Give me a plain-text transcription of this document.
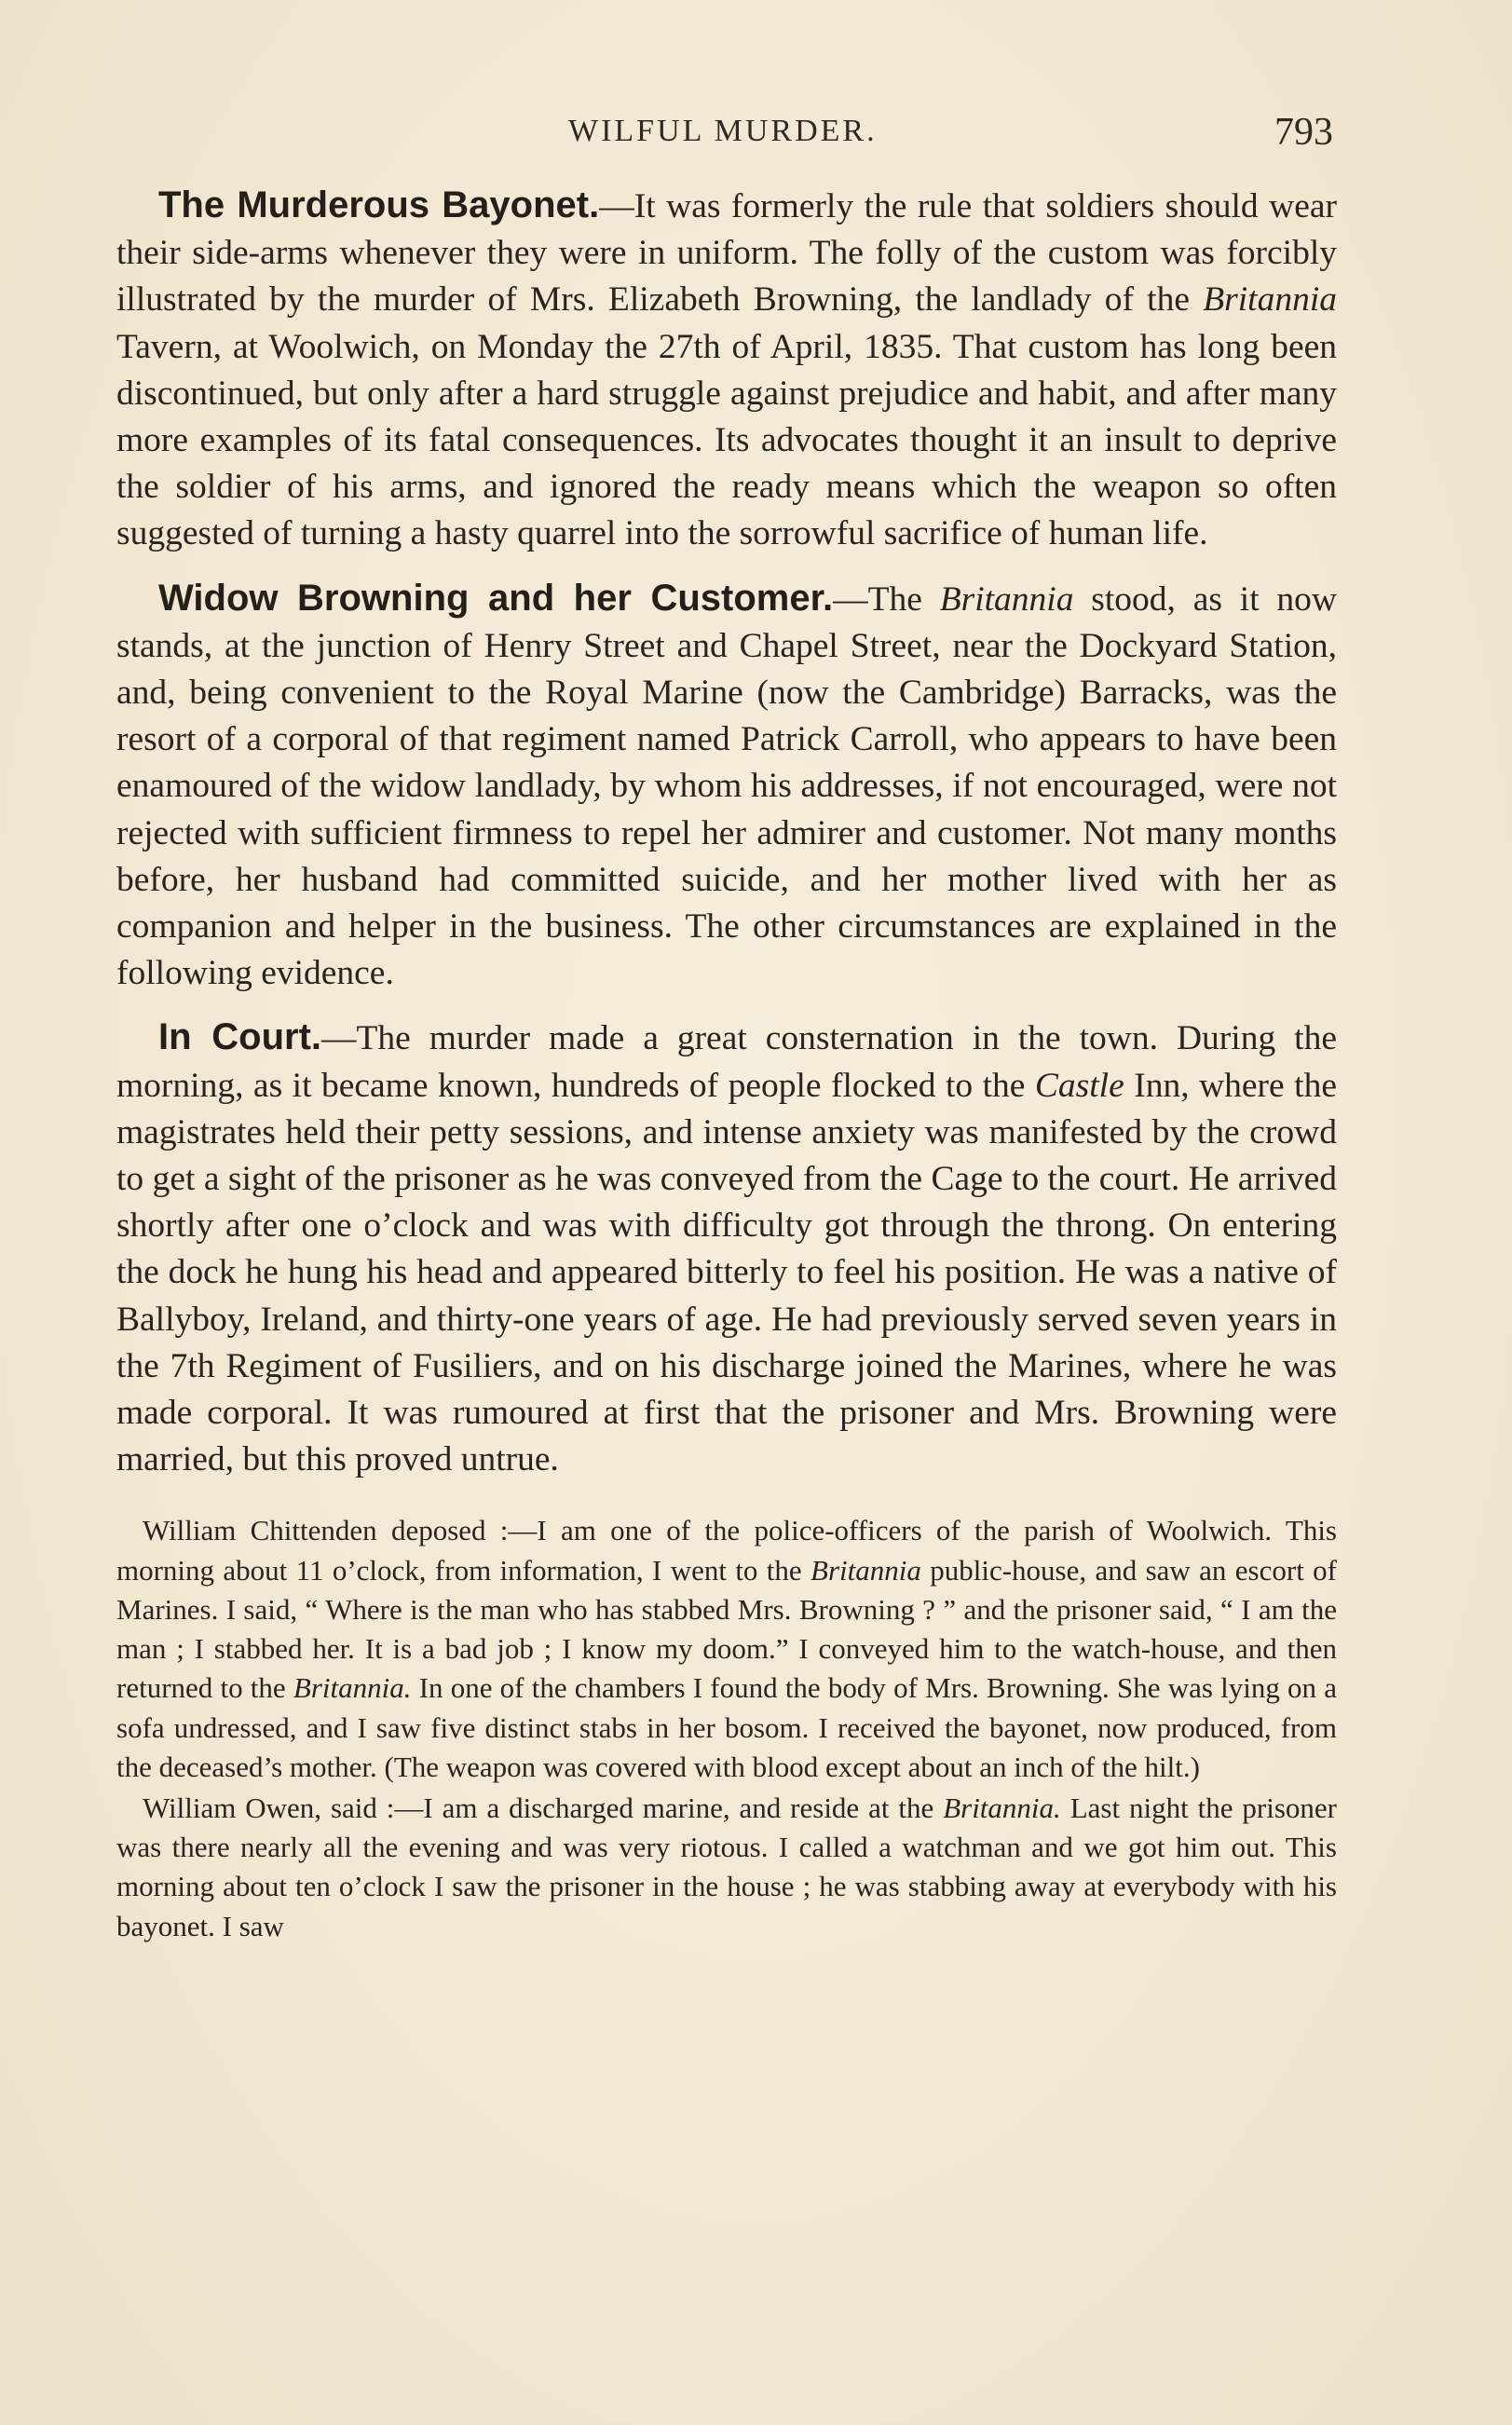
WILFUL MURDER.	793

The Murderous Bayonet.—It was formerly the rule that soldiers should wear their side-arms whenever they were in uniform. The folly of the custom was forcibly illustrated by the murder of Mrs. Elizabeth Browning, the landlady of the Britannia Tavern, at Woolwich, on Monday the 27th of April, 1835. That custom has long been discontinued, but only after a hard struggle against prejudice and habit, and after many more examples of its fatal consequences. Its advocates thought it an insult to deprive the soldier of his arms, and ignored the ready means which the weapon so often suggested of turning a hasty quarrel into the sorrowful sacrifice of human life.

Widow Browning and her Customer.—The Britannia stood, as it now stands, at the junction of Henry Street and Chapel Street, near the Dockyard Station, and, being convenient to the Royal Marine (now the Cambridge) Barracks, was the resort of a corporal of that regiment named Patrick Carroll, who appears to have been enamoured of the widow landlady, by whom his addresses, if not encouraged, were not rejected with sufficient firmness to repel her admirer and customer. Not many months before, her husband had committed suicide, and her mother lived with her as companion and helper in the business. The other circumstances are explained in the following evidence.

In Court.—The murder made a great consternation in the town. During the morning, as it became known, hundreds of people flocked to the Castle Inn, where the magistrates held their petty sessions, and intense anxiety was manifested by the crowd to get a sight of the prisoner as he was conveyed from the Cage to the court. He arrived shortly after one o’clock and was with difficulty got through the throng. On entering the dock he hung his head and appeared bitterly to feel his position. He was a native of Ballyboy, Ireland, and thirty-one years of age. He had previously served seven years in the 7th Regiment of Fusiliers, and on his discharge joined the Marines, where he was made corporal. It was rumoured at first that the prisoner and Mrs. Browning were married, but this proved untrue.

William Chittenden deposed :—I am one of the police-officers of the parish of Woolwich. This morning about 11 o’clock, from information, I went to the Britannia public-house, and saw an escort of Marines. I said, “ Where is the man who has stabbed Mrs. Browning ? ” and the prisoner said, “ I am the man ; I stabbed her. It is a bad job ; I know my doom.” I conveyed him to the watch-house, and then returned to the Britannia. In one of the chambers I found the body of Mrs. Browning. She was lying on a sofa undressed, and I saw five distinct stabs in her bosom. I received the bayonet, now produced, from the deceased’s mother. (The weapon was covered with blood except about an inch of the hilt.)

William Owen, said :—I am a discharged marine, and reside at the Britannia. Last night the prisoner was there nearly all the evening and was very riotous. I called a watchman and we got him out. This morning about ten o’clock I saw the prisoner in the house ; he was stabbing away at everybody with his bayonet. I saw
